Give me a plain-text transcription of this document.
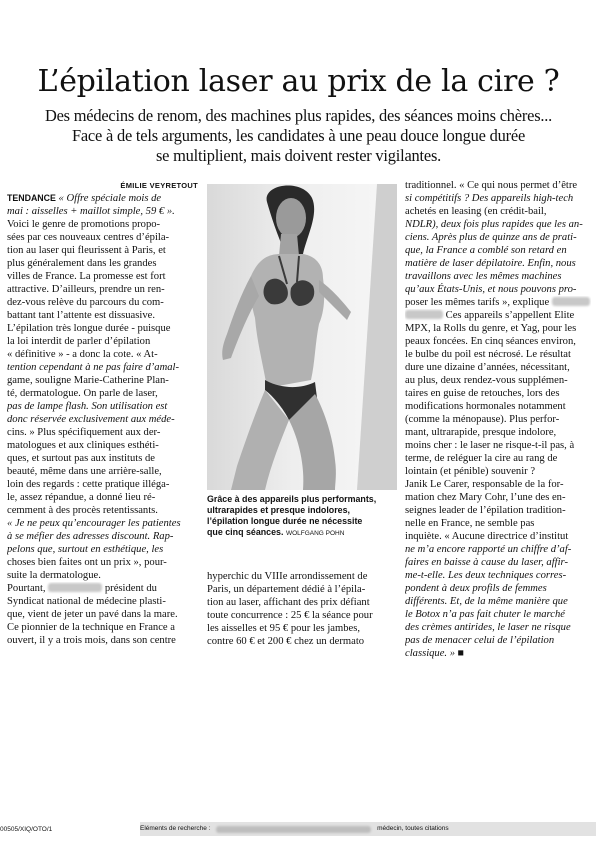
L’épilation laser au prix de la cire ?
Des médecins de renom, des machines plus rapides, des séances moins chères...
Face à de tels arguments, les candidates à une peau douce longue durée
se multiplient, mais doivent rester vigilantes.
ÉMILIE VEYRETOUT
TENDANCE « Offre spéciale mois de
mai : aisselles + maillot simple, 59 € ».
Voici le genre de promotions propo-
sées par ces nouveaux centres d’épila-
tion au laser qui fleurissent à Paris, et
plus généralement dans les grandes
villes de France. La promesse est fort
attractive. D’ailleurs, prendre un ren-
dez-vous relève du parcours du com-
battant tant l’attente est dissuasive.
L’épilation très longue durée - puisque
la loi interdit de parler d’épilation
« définitive » - a donc la cote. « At-
tention cependant à ne pas faire d’amal-
game, souligne Marie-Catherine Plan-
té, dermatologue. On parle de laser,
pas de lampe flash. Son utilisation est
donc réservée exclusivement aux méde-
cins. » Plus spécifiquement aux der-
matologues et aux cliniques esthéti-
ques, et surtout pas aux instituts de
beauté, même dans une arrière-salle,
loin des regards : cette pratique illéga-
le, assez répandue, a donné lieu ré-
cemment à des procès retentissants.
« Je ne peux qu’encourager les patientes
à se méfier des adresses discount. Rap-
pelons que, surtout en esthétique, les
choses bien faites ont un prix », pour-
suite la dermatologue.
Pourtant,	président du
Syndicat national de médecine plasti-
que, vient de jeter un pavé dans la mare.
Ce pionnier de la technique en France a
ouvert, il y a trois mois, dans son centre
Grâce à des appareils plus performants,
ultrarapides et presque indolores,
l’épilation longue durée ne nécessite
que cinq séances. WOLFGANG POHN
hyperchic du VIIIe arrondissement de
Paris, un département dédié à l’épila-
tion au laser, affichant des prix défiant
toute concurrence : 25 € la séance pour
les aisselles et 95 € pour les jambes,
contre 60 € et 200 € chez un dermato
traditionnel. « Ce qui nous permet d’être
si compétitifs ? Des appareils high-tech
achetés en leasing (en crédit-bail,
NDLR), deux fois plus rapides que les an-
ciens. Après plus de quinze ans de prati-
que, la France a comblé son retard en
matière de laser dépilatoire. Enfin, nous
travaillons avec les mêmes machines
qu’aux États-Unis, et nous pouvons pro-
poser les mêmes tarifs », explique
Ces appareils s’appellent Elite
MPX, la Rolls du genre, et Yag, pour les
peaux foncées. En cinq séances environ,
le bulbe du poil est nécrosé. Le résultat
dure une dizaine d’années, nécessitant,
au plus, deux rendez-vous supplémen-
taires en guise de retouches, lors des
modifications hormonales notamment
(comme la ménopause). Plus perfor-
mant, ultrarapide, presque indolore,
moins cher : le laser ne risque-t-il pas, à
terme, de reléguer la cire au rang de
lointain (et pénible) souvenir ?
Janik Le Carer, responsable de la for-
mation chez Mary Cohr, l’une des en-
seignes leader de l’épilation tradition-
nelle en France, ne semble pas
inquiète. « Aucune directrice d’institut
ne m’a encore rapporté un chiffre d’af-
faires en baisse à cause du laser, affir-
me-t-elle. Les deux techniques corres-
pondent à deux profils de femmes
différents. Et, de la même manière que
le Botox n’a pas fait chuter le marché
des crèmes antirides, le laser ne risque
pas de menacer celui de l’épilation
classique. » ■
00505/XIQ/OTO/1	Eléments de recherche :	médecin, toutes citations
